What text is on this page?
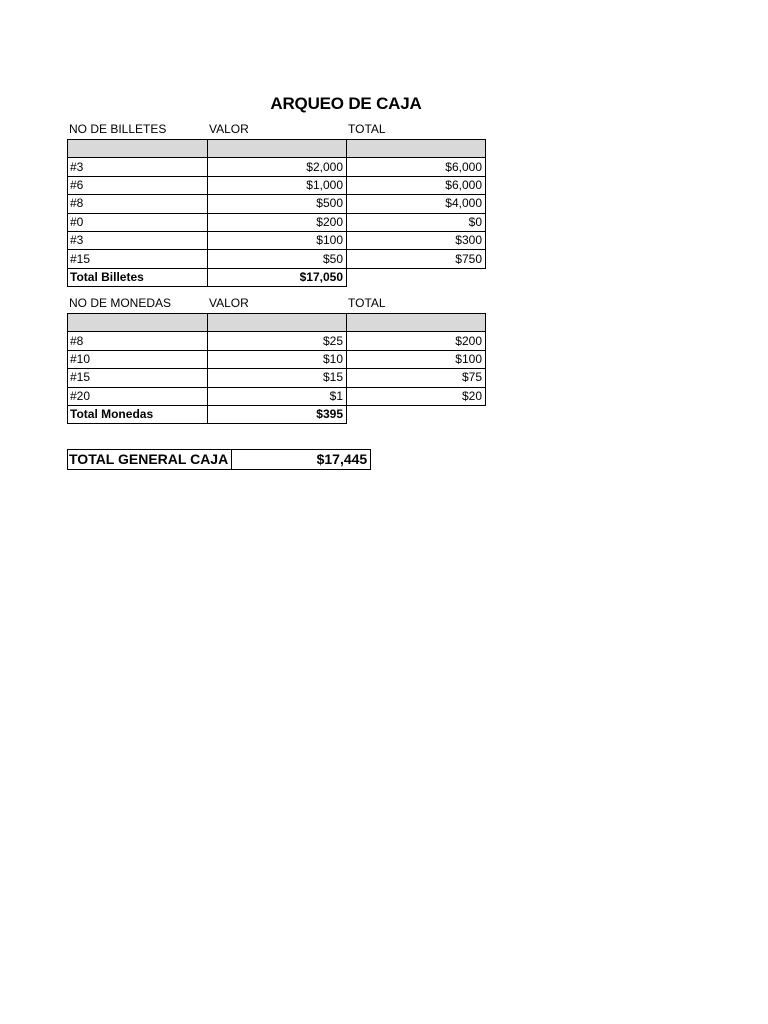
ARQUEO DE CAJA
NO DE BILLETES	VALOR	TOTAL

#3	$2,000	$6,000
#6	$1,000	$6,000
#8	$500	$4,000
#0	$200	$0
#3	$100	$300
#15	$50	$750
Total Billetes	$17,050	
NO DE MONEDAS	VALOR	TOTAL

#8	$25	$200
#10	$10	$100
#15	$15	$75
#20	$1	$20
Total Monedas	$395	
TOTAL GENERAL CAJA	$17,445
